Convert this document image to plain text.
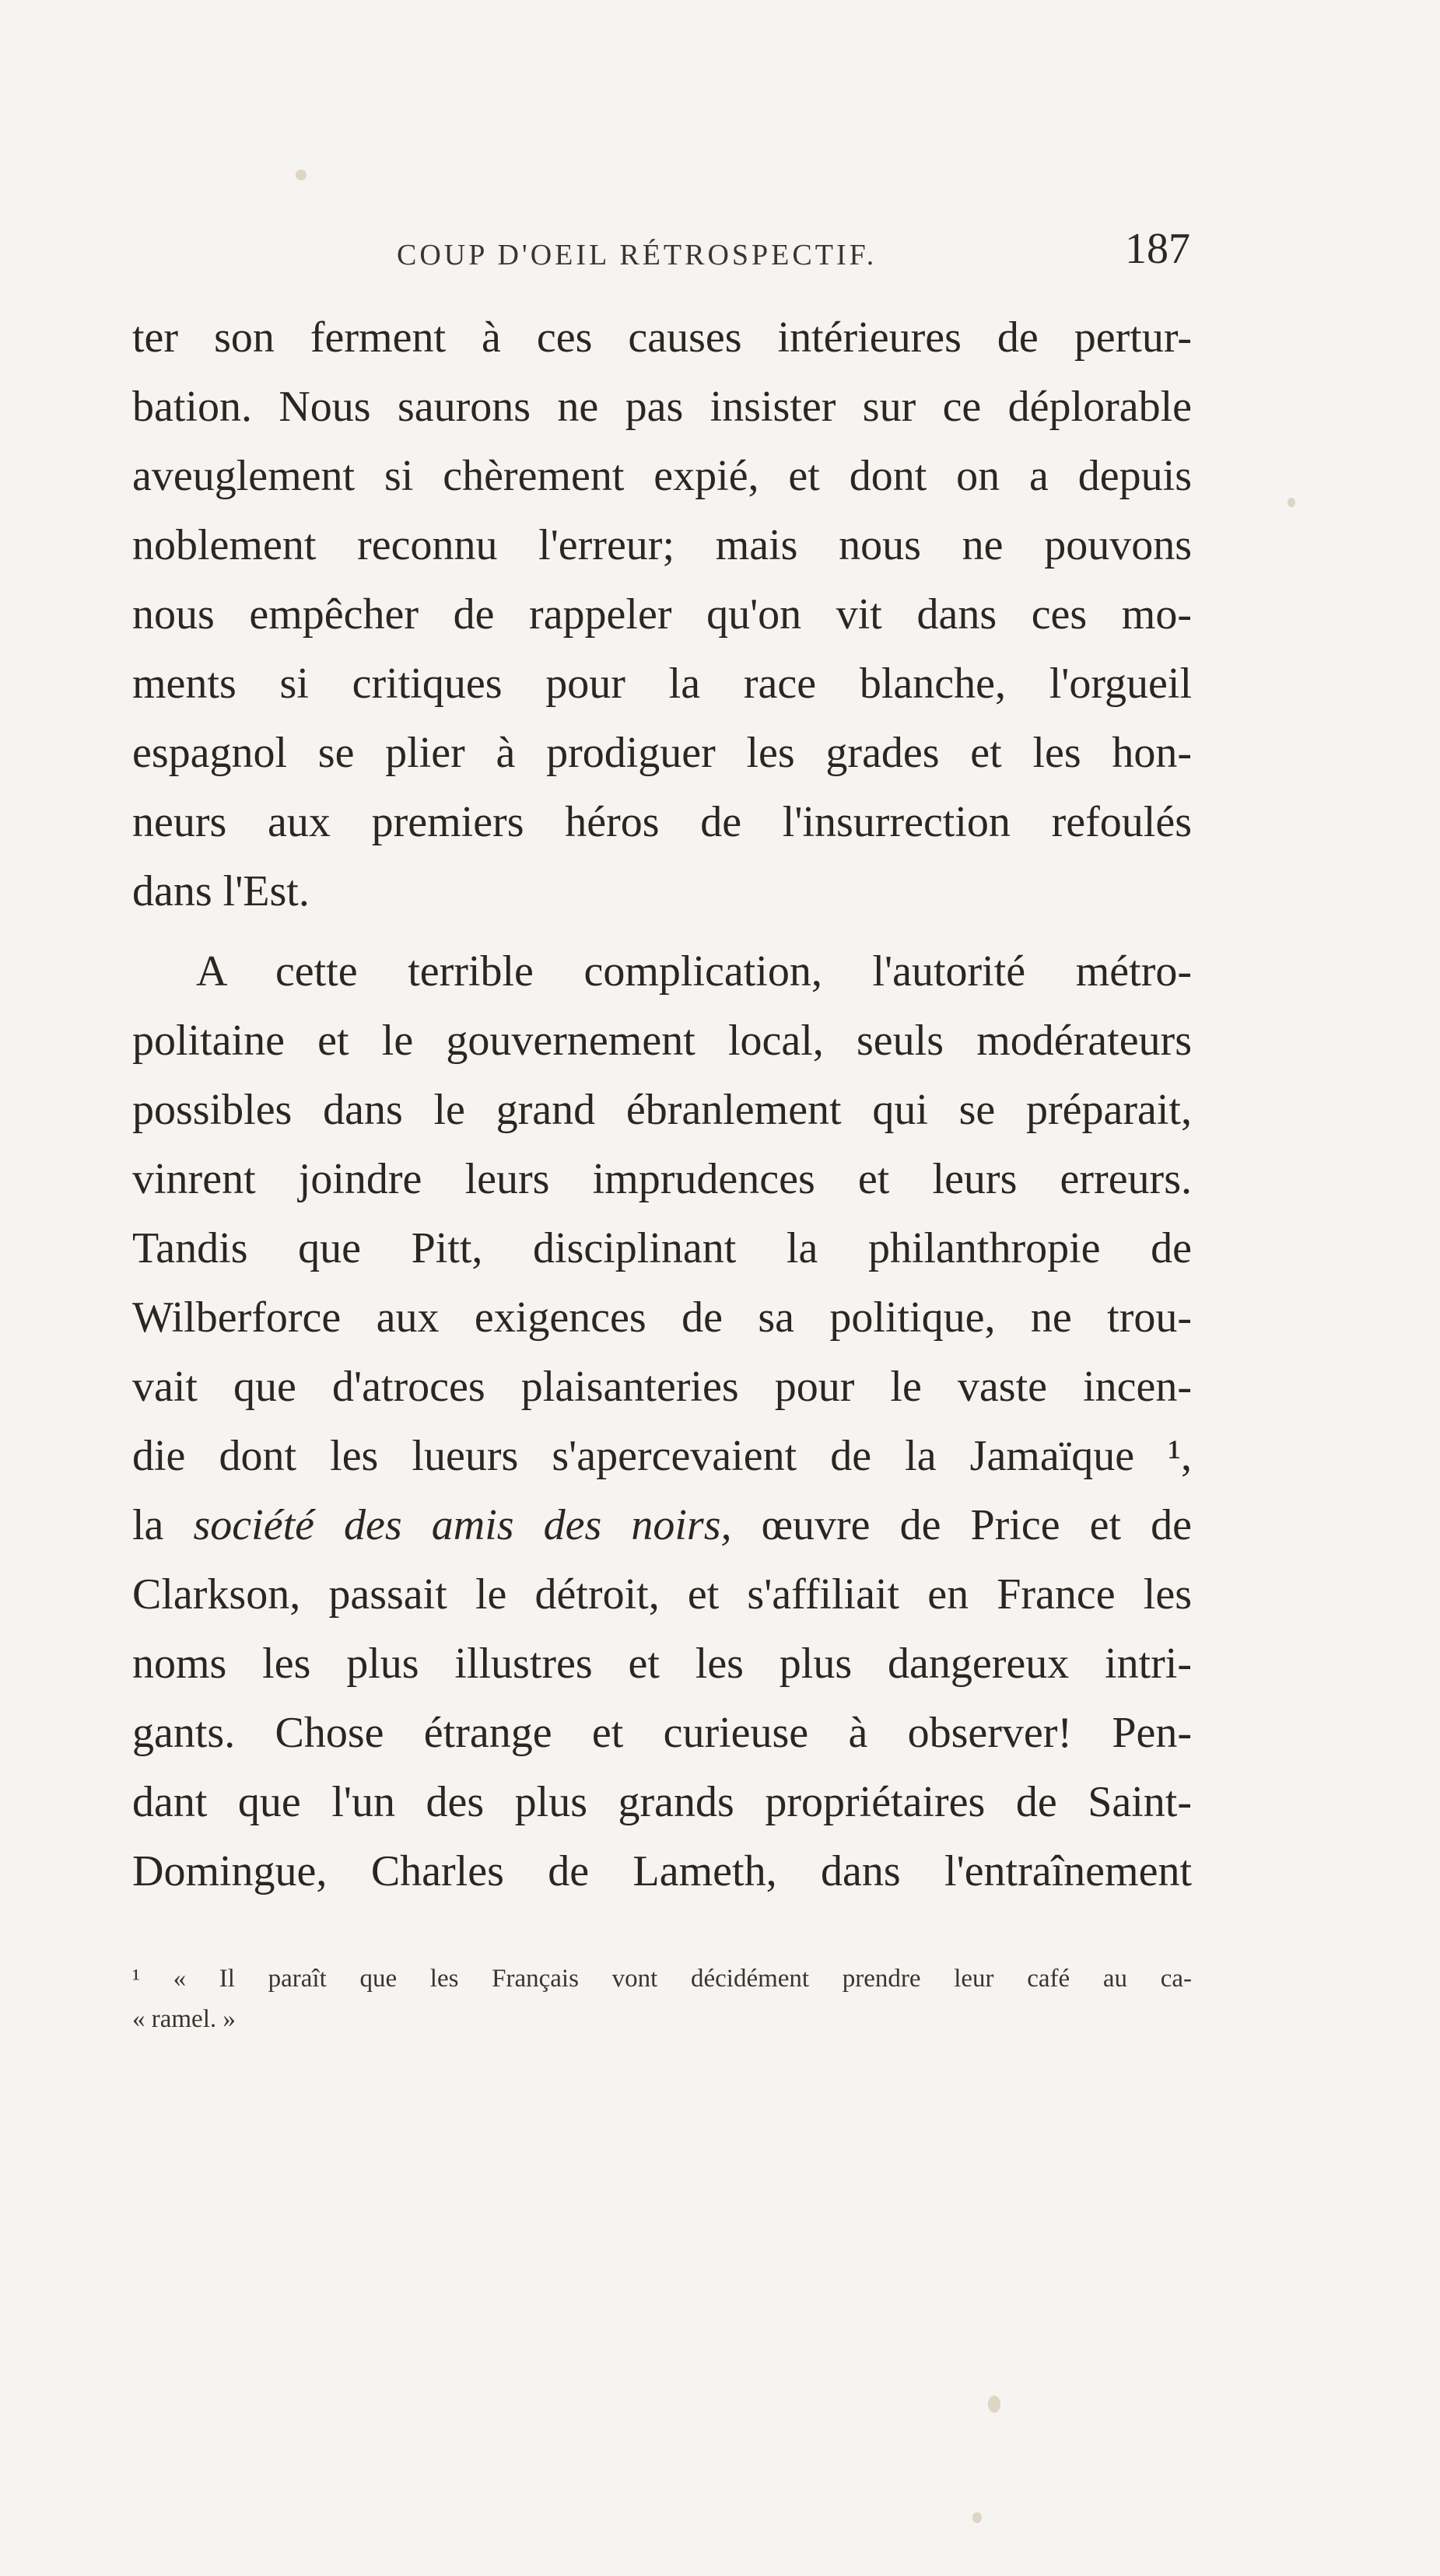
COUP D'OEIL RÉTROSPECTIF.	187
ter son ferment à ces causes intérieures de pertur-
bation. Nous saurons ne pas insister sur ce déplorable
aveuglement si chèrement expié, et dont on a depuis
noblement reconnu l'erreur; mais nous ne pouvons
nous empêcher de rappeler qu'on vit dans ces mo-
ments si critiques pour la race blanche, l'orgueil
espagnol se plier à prodiguer les grades et les hon-
neurs aux premiers héros de l'insurrection refoulés
dans l'Est.
A cette terrible complication, l'autorité métro-
politaine et le gouvernement local, seuls modérateurs
possibles dans le grand ébranlement qui se préparait,
vinrent joindre leurs imprudences et leurs erreurs.
Tandis que Pitt, disciplinant la philanthropie de
Wilberforce aux exigences de sa politique, ne trou-
vait que d'atroces plaisanteries pour le vaste incen-
die dont les lueurs s'apercevaient de la Jamaïque ¹,
la société des amis des noirs, œuvre de Price et de
Clarkson, passait le détroit, et s'affiliait en France les
noms les plus illustres et les plus dangereux intri-
gants. Chose étrange et curieuse à observer! Pen-
dant que l'un des plus grands propriétaires de Saint-
Domingue, Charles de Lameth, dans l'entraînement
¹ « Il paraît que les Français vont décidément prendre leur café au ca-
« ramel. »
